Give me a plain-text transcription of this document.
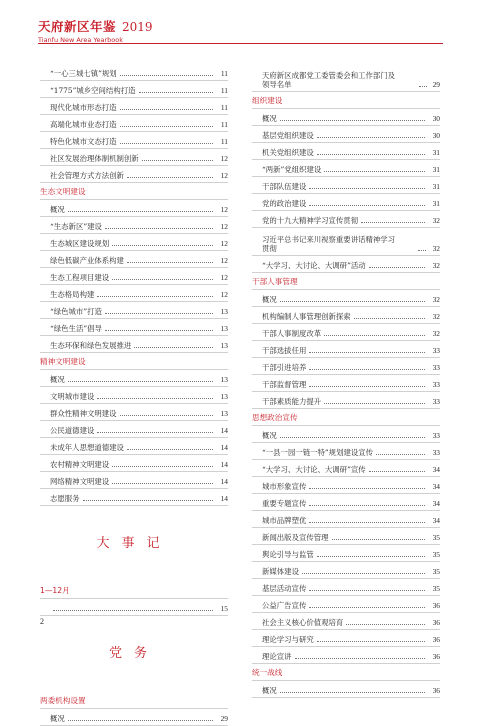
天府新区年鉴 2019
Tianfu New Area Yearbook
“一心三城七镇”规划	11
“1775”城乡空间结构打造	11
现代化城市形态打造	11
高端化城市业态打造	11
特色化城市文态打造	11
社区发展治理体制机制创新	12
社会管理方式方法创新	12
生态文明建设
概况	12
“生态新区”建设	12
生态城区建设规划	12
绿色低碳产业体系构建	12
生态工程项目建设	12
生态格局构建	12
“绿色城市”打造	13
“绿色生活”倡导	13
生态环保和绿色发展推进	13
精神文明建设
概况	13
文明城市建设	13
群众性精神文明建设	13
公民道德建设	14
未成年人思想道德建设	14
农村精神文明建设	14
网络精神文明建设	14
志愿服务	14
大事记
1—12月
15
党务
两委机构设置
概况	29
天府新区成都党工委管委会和工作部门及领导名单	29
组织建设
概况	30
基层党组织建设	30
机关党组织建设	31
“两新”党组织建设	31
干部队伍建设	31
党的政治建设	31
党的十九大精神学习宣传贯彻	32
习近平总书记来川视察重要讲话精神学习贯彻	32
“大学习、大讨论、大调研”活动	32
干部人事管理
概况	32
机构编制人事管理创新探索	32
干部人事制度改革	32
干部选拔任用	33
干部引进培养	33
干部监督管理	33
干部素质能力提升	33
思想政治宣传
概况	33
“一县一园一链一特”规划建设宣传	33
“大学习、大讨论、大调研”宣传	34
城市形象宣传	34
重要专题宣传	34
城市品牌塑优	34
新闻出版及宣传管理	35
舆论引导与监管	35
新媒体建设	35
基层活动宣传	35
公益广告宣传	36
社会主义核心价值观培育	36
理论学习与研究	36
理论宣讲	36
统一战线
概况	36
2
